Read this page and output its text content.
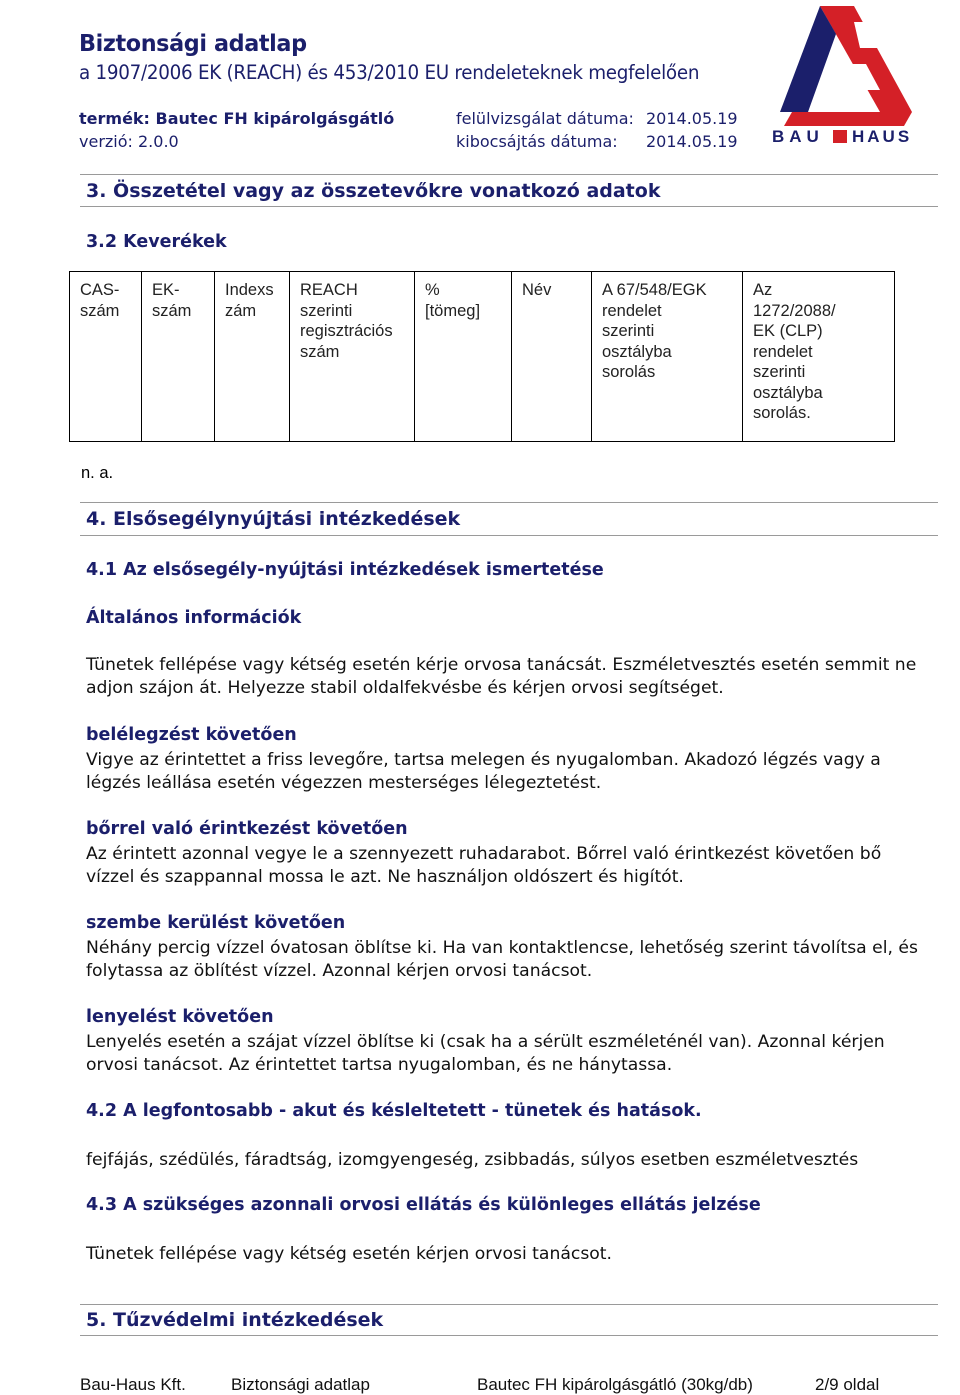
Biztonsági adatlap
a 1907/2006 EK (REACH) és 453/2010 EU rendeleteknek megfelelően
termék: Bautec FH kipárolgásgátló
verzió: 2.0.0
felülvizsgálat dátuma: 2014.05.19
kibocsájtás dátuma: 2014.05.19 BAU HAUS
3. Összetétel vagy az összetevőkre vonatkozó adatok
3.2 Keverékek
CAS-
szám	EK-
szám	Indexs
zám	REACH
szerinti
regisztrációs
szám	%
[tömeg]	Név	A 67/548/EGK
rendelet
szerinti
osztályba
sorolás	Az
1272/2088/
EK (CLP)
rendelet
szerinti
osztályba
sorolás.
n. a.
4. Elsősegélynyújtási intézkedések
4.1 Az elsősegély-nyújtási intézkedések ismertetése
Általános információk
Tünetek fellépése vagy kétség esetén kérje orvosa tanácsát. Eszméletvesztés esetén semmit ne adjon szájon át. Helyezze stabil oldalfekvésbe és kérjen orvosi segítséget.
belélegzést követően
Vigye az érintettet a friss levegőre, tartsa melegen és nyugalomban. Akadozó légzés vagy a légzés leállása esetén végezzen mesterséges lélegeztetést.
bőrrel való érintkezést követően
Az érintett azonnal vegye le a szennyezett ruhadarabot. Bőrrel való érintkezést követően bő vízzel és szappannal mossa le azt. Ne használjon oldószert és higítót.
szembe kerülést követően
Néhány percig vízzel óvatosan öblítse ki. Ha van kontaktlencse, lehetőség szerint távolítsa el, és folytassa az öblítést vízzel. Azonnal kérjen orvosi tanácsot.
lenyelést követően
Lenyelés esetén a szájat vízzel öblítse ki (csak ha a sérült eszméleténél van). Azonnal kérjen orvosi tanácsot. Az érintettet tartsa nyugalomban, és ne hánytassa.
4.2 A legfontosabb - akut és késleltetett - tünetek és hatások.
fejfájás, szédülés, fáradtság, izomgyengeség, zsibbadás, súlyos esetben eszméletvesztés
4.3 A szükséges azonnali orvosi ellátás és különleges ellátás jelzése
Tünetek fellépése vagy kétség esetén kérjen orvosi tanácsot.
5. Tűzvédelmi intézkedések
Bau-Haus Kft.	Biztonsági adatlap	Bautec FH kipárolgásgátló (30kg/db)	2/9 oldal
